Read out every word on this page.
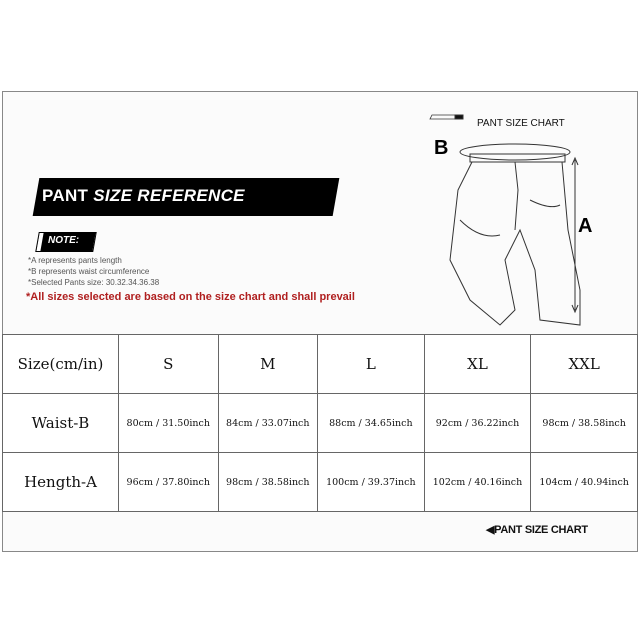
PANT SIZE REFERENCE
NOTE:
*A represents pants length
*B represents waist circumference
*Selected Pants size: 30.32.34.36.38
*All sizes selected are based on the size chart and shall prevail
PANT SIZE CHART
B
A
Size(cm/in)	S	M	L	XL	XXL
Waist-B	80cm / 31.50inch	84cm / 33.07inch	88cm / 34.65inch	92cm / 36.22inch	98cm / 38.58inch
Hength-A	96cm / 37.80inch	98cm / 38.58inch	100cm / 39.37inch	102cm / 40.16inch	104cm / 40.94inch
◀PANT SIZE CHART
